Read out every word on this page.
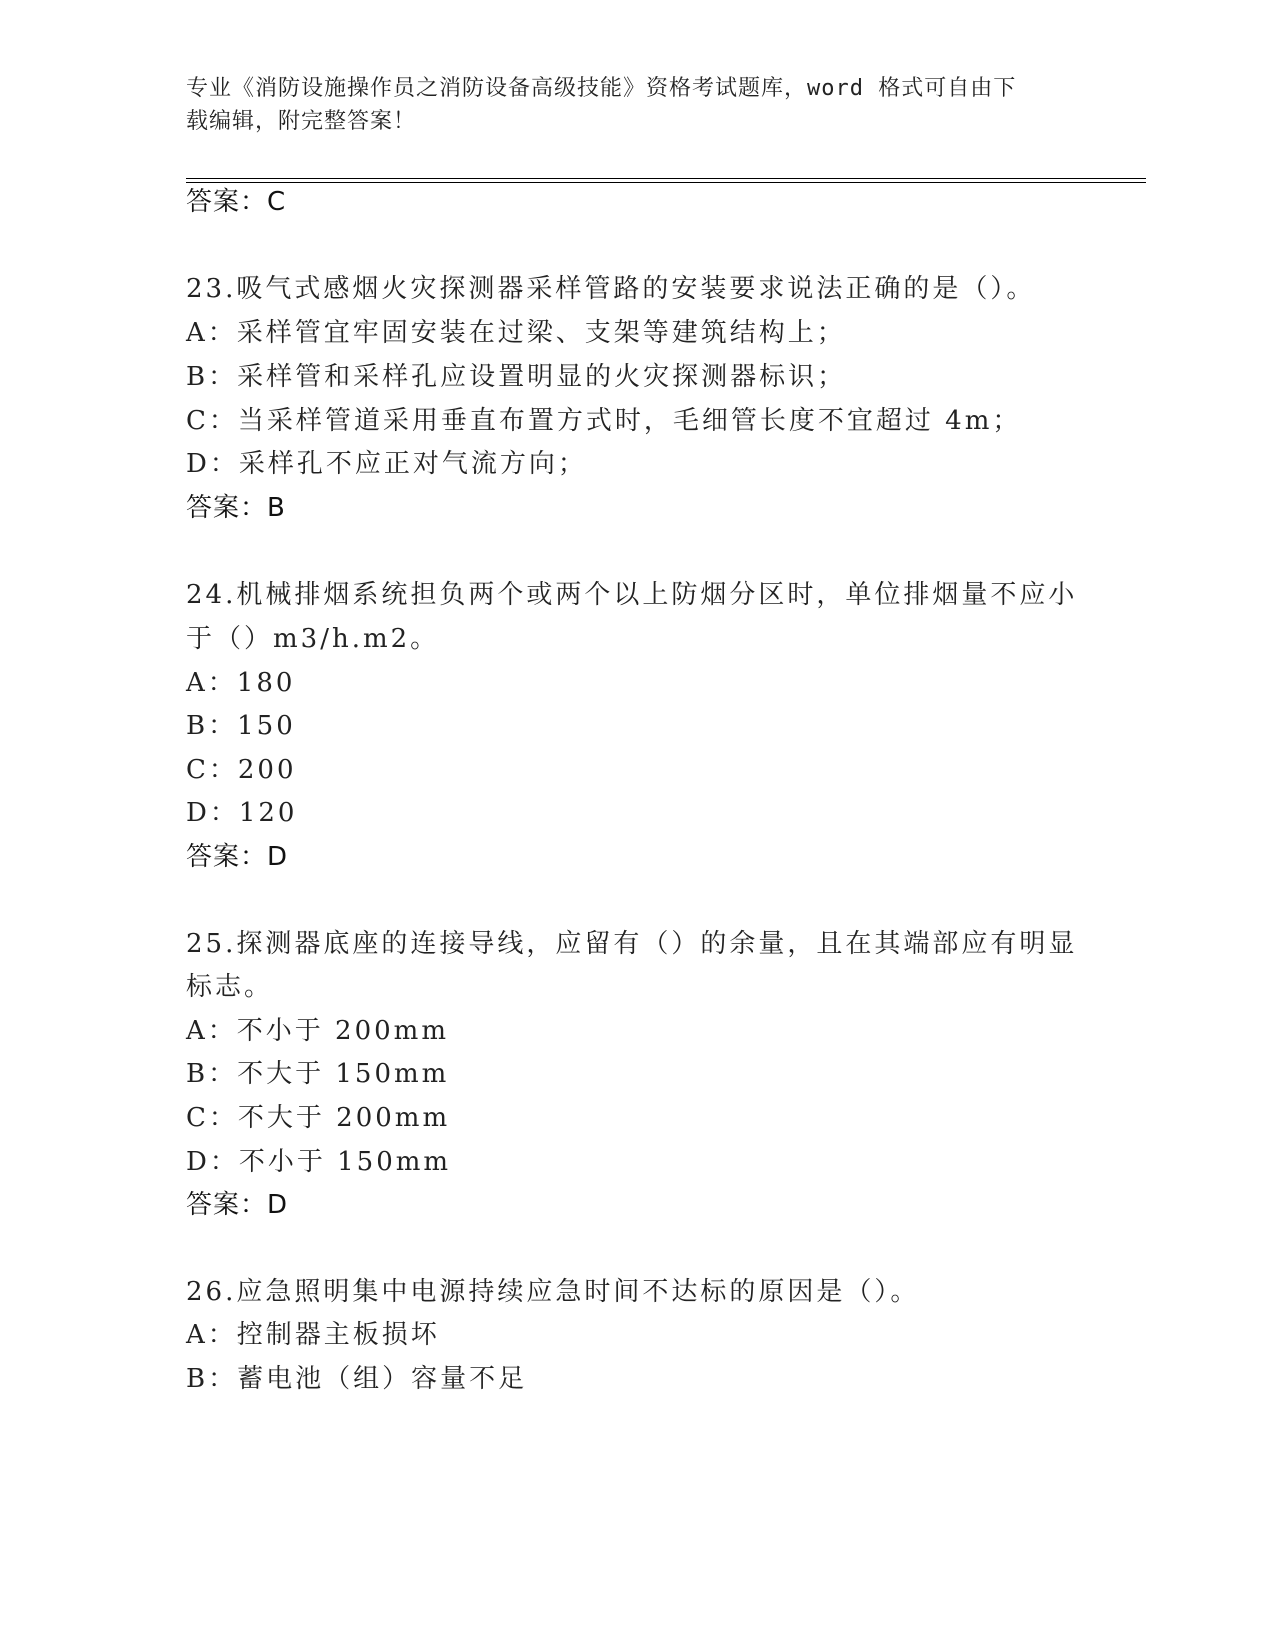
专业《消防设施操作员之消防设备高级技能》资格考试题库，word 格式可自由下
载编辑，附完整答案！
答案：C
23.吸气式感烟火灾探测器采样管路的安装要求说法正确的是（）。
A：采样管宜牢固安装在过梁、支架等建筑结构上；
B：采样管和采样孔应设置明显的火灾探测器标识；
C：当采样管道采用垂直布置方式时，毛细管长度不宜超过 4m；
D：采样孔不应正对气流方向；
答案：B
24.机械排烟系统担负两个或两个以上防烟分区时，单位排烟量不应小
于（）m3/h.m2。
A：180
B：150
C：200
D：120
答案：D
25.探测器底座的连接导线，应留有（）的余量，且在其端部应有明显
标志。
A：不小于 200mm
B：不大于 150mm
C：不大于 200mm
D：不小于 150mm
答案：D
26.应急照明集中电源持续应急时间不达标的原因是（）。
A：控制器主板损坏
B：蓄电池（组）容量不足
